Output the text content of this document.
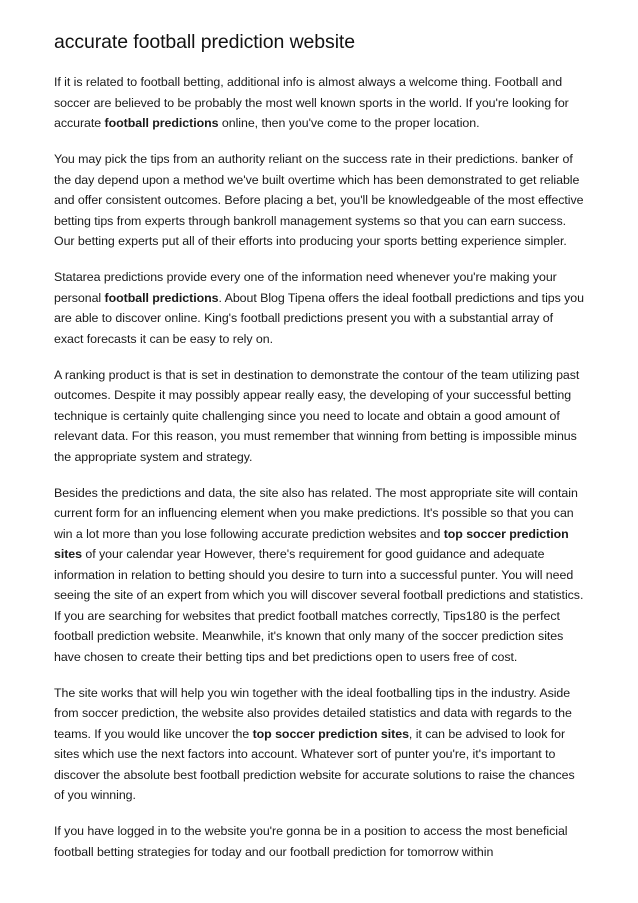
accurate football prediction website

If it is related to football betting, additional info is almost always a welcome thing. Football and soccer are believed to be probably the most well known sports in the world. If you're looking for accurate football predictions online, then you've come to the proper location.

You may pick the tips from an authority reliant on the success rate in their predictions. banker of the day depend upon a method we've built overtime which has been demonstrated to get reliable and offer consistent outcomes. Before placing a bet, you'll be knowledgeable of the most effective betting tips from experts through bankroll management systems so that you can earn success. Our betting experts put all of their efforts into producing your sports betting experience simpler.

Statarea predictions provide every one of the information need whenever you're making your personal football predictions. About Blog Tipena offers the ideal football predictions and tips you are able to discover online. King's football predictions present you with a substantial array of exact forecasts it can be easy to rely on.

A ranking product is that is set in destination to demonstrate the contour of the team utilizing past outcomes. Despite it may possibly appear really easy, the developing of your successful betting technique is certainly quite challenging since you need to locate and obtain a good amount of relevant data. For this reason, you must remember that winning from betting is impossible minus the appropriate system and strategy.

Besides the predictions and data, the site also has related. The most appropriate site will contain current form for an influencing element when you make predictions. It's possible so that you can win a lot more than you lose following accurate prediction websites and top soccer prediction sites of your calendar year However, there's requirement for good guidance and adequate information in relation to betting should you desire to turn into a successful punter. You will need seeing the site of an expert from which you will discover several football predictions and statistics. If you are searching for websites that predict football matches correctly, Tips180 is the perfect football prediction website. Meanwhile, it's known that only many of the soccer prediction sites have chosen to create their betting tips and bet predictions open to users free of cost.

The site works that will help you win together with the ideal footballing tips in the industry. Aside from soccer prediction, the website also provides detailed statistics and data with regards to the teams. If you would like uncover the top soccer prediction sites, it can be advised to look for sites which use the next factors into account. Whatever sort of punter you're, it's important to discover the absolute best football prediction website for accurate solutions to raise the chances of you winning.

If you have logged in to the website you're gonna be in a position to access the most beneficial football betting strategies for today and our football prediction for tomorrow within
